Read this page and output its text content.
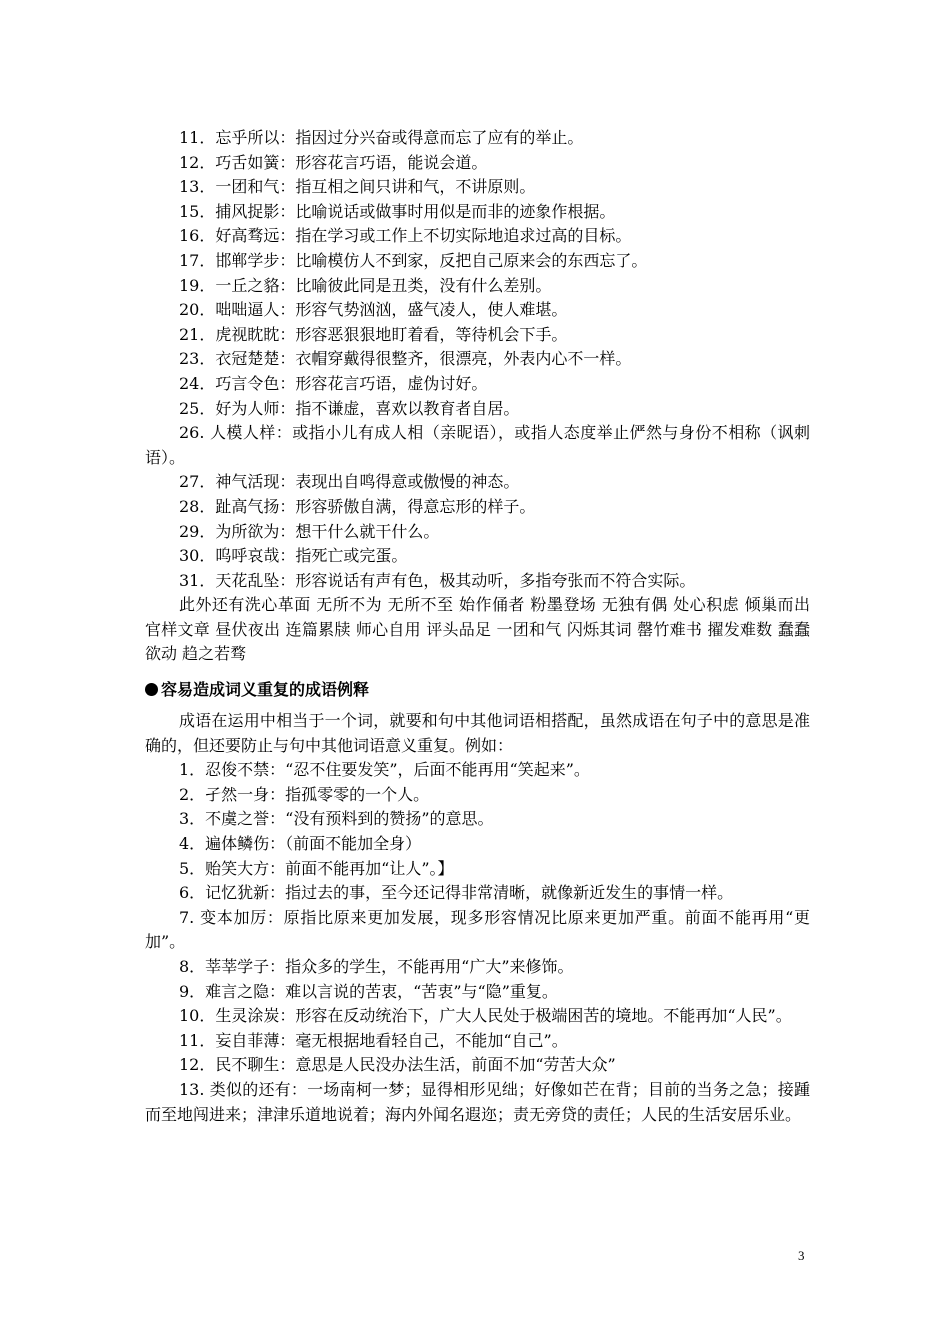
11．忘乎所以：指因过分兴奋或得意而忘了应有的举止。
12．巧舌如簧：形容花言巧语，能说会道。
13．一团和气：指互相之间只讲和气，不讲原则。
15．捕风捉影：比喻说话或做事时用似是而非的迹象作根据。
16．好高骛远：指在学习或工作上不切实际地追求过高的目标。
17．邯郸学步：比喻模仿人不到家，反把自己原来会的东西忘了。
19．一丘之貉：比喻彼此同是丑类，没有什么差别。
20．咄咄逼人：形容气势汹汹，盛气凌人，使人难堪。
21．虎视眈眈：形容恶狠狠地盯着看，等待机会下手。
23．衣冠楚楚：衣帽穿戴得很整齐，很漂亮，外表内心不一样。
24．巧言令色：形容花言巧语，虚伪讨好。
25．好为人师：指不谦虚，喜欢以教育者自居。
26. 人模人样：或指小儿有成人相（亲昵语），或指人态度举止俨然与身份不相称（讽刺语）。
27．神气活现：表现出自鸣得意或傲慢的神态。
28．趾高气扬：形容骄傲自满，得意忘形的样子。
29．为所欲为：想干什么就干什么。
30．呜呼哀哉：指死亡或完蛋。
31．天花乱坠：形容说话有声有色，极其动听，多指夸张而不符合实际。
此外还有洗心革面 无所不为 无所不至 始作俑者 粉墨登场 无独有偶 处心积虑 倾巢而出 官样文章 昼伏夜出 连篇累牍 师心自用 评头品足 一团和气 闪烁其词 罄竹难书 擢发难数 蠢蠢欲动 趋之若骛
容易造成词义重复的成语例释
成语在运用中相当于一个词，就要和句中其他词语相搭配，虽然成语在句子中的意思是准确的，但还要防止与句中其他词语意义重复。例如：
1．忍俊不禁：“忍不住要发笑”，后面不能再用“笑起来”。
2．孑然一身：指孤零零的一个人。
3．不虞之誉：“没有预料到的赞扬”的意思。
4．遍体鳞伤：（前面不能加全身）
5．贻笑大方：前面不能再加“让人”。】
6．记忆犹新：指过去的事，至今还记得非常清晰，就像新近发生的事情一样。
7. 变本加厉：原指比原来更加发展，现多形容情况比原来更加严重。前面不能再用“更加”。
8．莘莘学子：指众多的学生，不能再用“广大”来修饰。
9．难言之隐：难以言说的苦衷，“苦衷”与“隐”重复。
10．生灵涂炭：形容在反动统治下，广大人民处于极端困苦的境地。不能再加“人民”。
11．妄自菲薄：毫无根据地看轻自己，不能加“自己”。
12．民不聊生：意思是人民没办法生活，前面不加“劳苦大众”
13. 类似的还有：一场南柯一梦；显得相形见绌；好像如芒在背；目前的当务之急；接踵而至地闯进来；津津乐道地说着；海内外闻名遐迩；责无旁贷的责任；人民的生活安居乐业。
3
